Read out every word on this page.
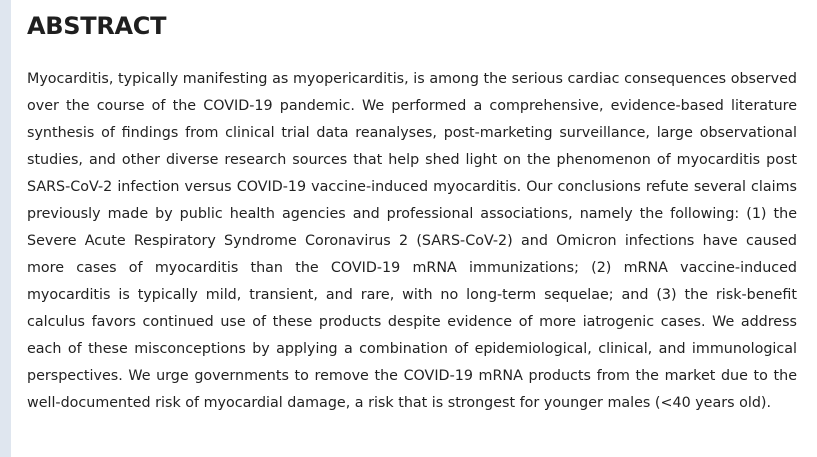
ABSTRACT

Myocarditis, typically manifesting as myopericarditis, is among the serious cardiac consequences observed over the course of the COVID-19 pandemic. We performed a comprehensive, evidence-based literature synthesis of findings from clinical trial data reanalyses, post-marketing surveillance, large observational studies, and other diverse research sources that help shed light on the phenomenon of myocarditis post SARS-CoV-2 infection versus COVID-19 vaccine-induced myocarditis. Our conclusions refute several claims previously made by public health agencies and professional associations, namely the following: (1) the Severe Acute Respiratory Syndrome Coronavirus 2 (SARS-CoV-2) and Omicron infections have caused more cases of myocarditis than the COVID-19 mRNA immunizations; (2) mRNA vaccine-induced myocarditis is typically mild, transient, and rare, with no long-term sequelae; and (3) the risk-benefit calculus favors continued use of these products despite evidence of more iatrogenic cases. We address each of these misconceptions by applying a combination of epidemiological, clinical, and immunological perspectives. We urge governments to remove the COVID-19 mRNA products from the market due to the well-documented risk of myocardial damage, a risk that is strongest for younger males (<40 years old).
